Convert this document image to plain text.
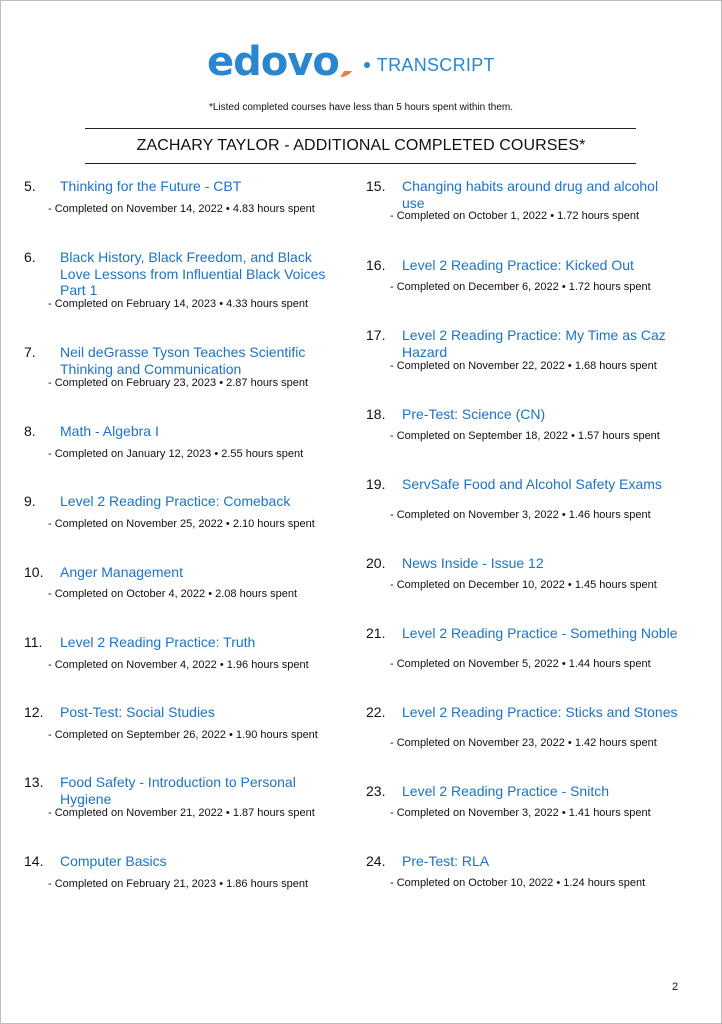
edovo TRANSCRIPT
*Listed completed courses have less than 5 hours spent within them.
ZACHARY TAYLOR - ADDITIONAL COMPLETED COURSES*
5. Thinking for the Future - CBT
- Completed on November 14, 2022 • 4.83 hours spent
6. Black History, Black Freedom, and Black Love Lessons from Influential Black Voices Part 1
- Completed on February 14, 2023 • 4.33 hours spent
7. Neil deGrasse Tyson Teaches Scientific Thinking and Communication
- Completed on February 23, 2023 • 2.87 hours spent
8. Math - Algebra I
- Completed on January 12, 2023 • 2.55 hours spent
9. Level 2 Reading Practice: Comeback
- Completed on November 25, 2022 • 2.10 hours spent
10. Anger Management
- Completed on October 4, 2022 • 2.08 hours spent
11. Level 2 Reading Practice: Truth
- Completed on November 4, 2022 • 1.96 hours spent
12. Post-Test: Social Studies
- Completed on September 26, 2022 • 1.90 hours spent
13. Food Safety - Introduction to Personal Hygiene
- Completed on November 21, 2022 • 1.87 hours spent
14. Computer Basics
- Completed on February 21, 2023 • 1.86 hours spent
15. Changing habits around drug and alcohol use
- Completed on October 1, 2022 • 1.72 hours spent
16. Level 2 Reading Practice: Kicked Out
- Completed on December 6, 2022 • 1.72 hours spent
17. Level 2 Reading Practice: My Time as Caz Hazard
- Completed on November 22, 2022 • 1.68 hours spent
18. Pre-Test: Science (CN)
- Completed on September 18, 2022 • 1.57 hours spent
19. ServSafe Food and Alcohol Safety Exams
- Completed on November 3, 2022 • 1.46 hours spent
20. News Inside - Issue 12
- Completed on December 10, 2022 • 1.45 hours spent
21. Level 2 Reading Practice - Something Noble
- Completed on November 5, 2022 • 1.44 hours spent
22. Level 2 Reading Practice: Sticks and Stones
- Completed on November 23, 2022 • 1.42 hours spent
23. Level 2 Reading Practice - Snitch
- Completed on November 3, 2022 • 1.41 hours spent
24. Pre-Test: RLA
- Completed on October 10, 2022 • 1.24 hours spent
2
